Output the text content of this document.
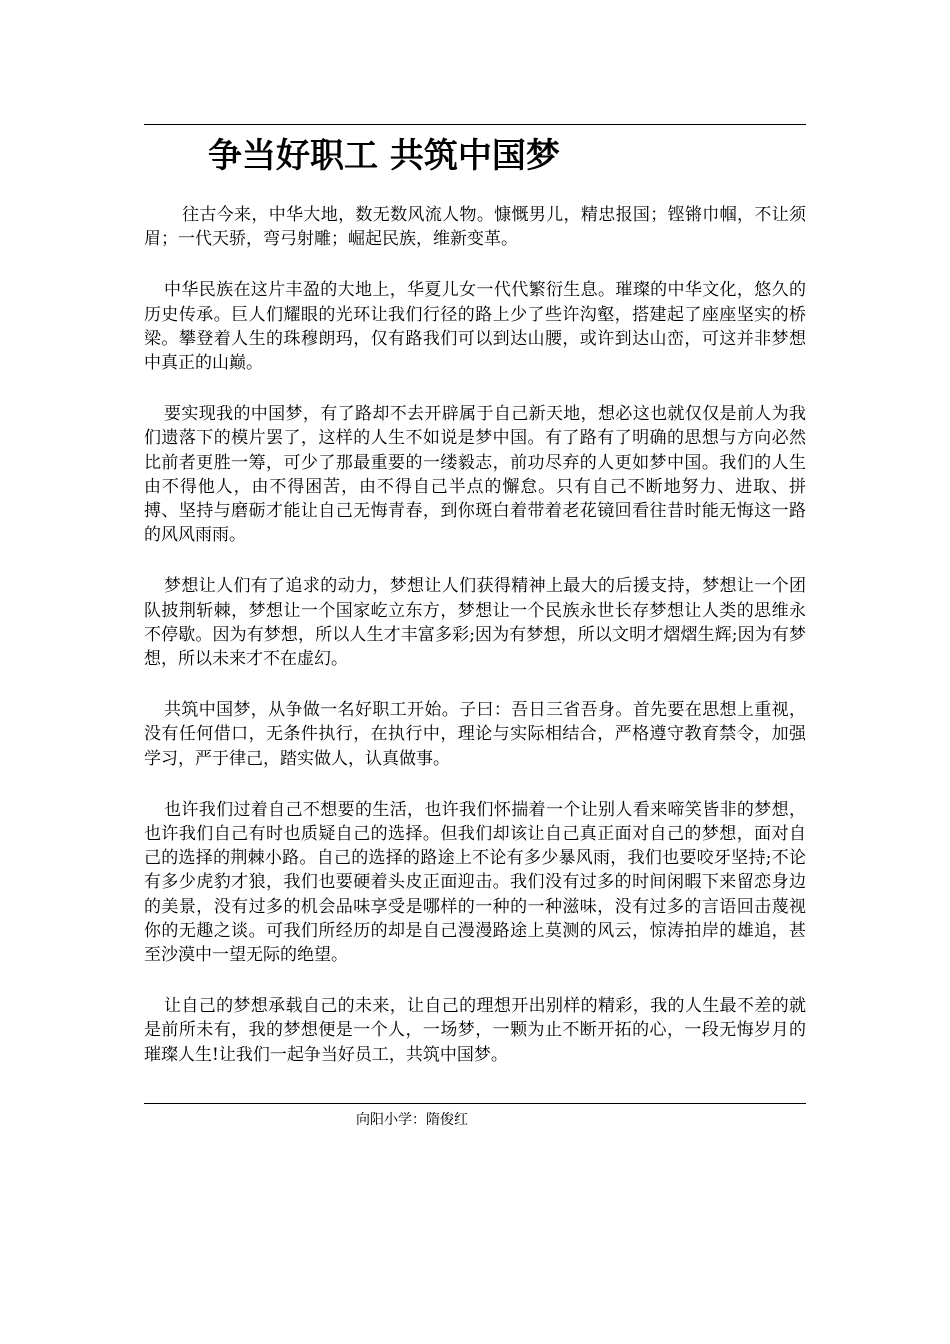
争当好职工 共筑中国梦

往古今来，中华大地，数无数风流人物。慷慨男儿，精忠报国；铿锵巾帼，不让须眉；一代天骄，弯弓射雕；崛起民族，维新变革。

中华民族在这片丰盈的大地上，华夏儿女一代代繁衍生息。璀璨的中华文化，悠久的历史传承。巨人们耀眼的光环让我们行径的路上少了些许沟壑，搭建起了座座坚实的桥梁。攀登着人生的珠穆朗玛，仅有路我们可以到达山腰，或许到达山峦，可这并非梦想中真正的山巅。

要实现我的中国梦，有了路却不去开辟属于自己新天地，想必这也就仅仅是前人为我们遗落下的模片罢了，这样的人生不如说是梦中国。有了路有了明确的思想与方向必然比前者更胜一筹，可少了那最重要的一缕毅志，前功尽弃的人更如梦中国。我们的人生由不得他人，由不得困苦，由不得自己半点的懈怠。只有自己不断地努力、进取、拼搏、坚持与磨砺才能让自己无悔青春，到你斑白着带着老花镜回看往昔时能无悔这一路的风风雨雨。

梦想让人们有了追求的动力，梦想让人们获得精神上最大的后援支持，梦想让一个团队披荆斩棘，梦想让一个国家屹立东方，梦想让一个民族永世长存梦想让人类的思维永不停歇。因为有梦想，所以人生才丰富多彩;因为有梦想，所以文明才熠熠生辉;因为有梦想，所以未来才不在虚幻。

共筑中国梦，从争做一名好职工开始。子曰：吾日三省吾身。首先要在思想上重视，没有任何借口，无条件执行，在执行中，理论与实际相结合，严格遵守教育禁令，加强学习，严于律己，踏实做人，认真做事。

也许我们过着自己不想要的生活，也许我们怀揣着一个让别人看来啼笑皆非的梦想，也许我们自己有时也质疑自己的选择。但我们却该让自己真正面对自己的梦想，面对自己的选择的荆棘小路。自己的选择的路途上不论有多少暴风雨，我们也要咬牙坚持;不论有多少虎豹才狼，我们也要硬着头皮正面迎击。我们没有过多的时间闲暇下来留恋身边的美景，没有过多的机会品味享受是哪样的一种的一种滋味，没有过多的言语回击蔑视你的无趣之谈。可我们所经历的却是自己漫漫路途上莫测的风云，惊涛拍岸的雄追，甚至沙漠中一望无际的绝望。

让自己的梦想承载自己的未来，让自己的理想开出别样的精彩，我的人生最不差的就是前所未有，我的梦想便是一个人，一场梦，一颗为止不断开拓的心，一段无悔岁月的璀璨人生!让我们一起争当好员工，共筑中国梦。

向阳小学：隋俊红
